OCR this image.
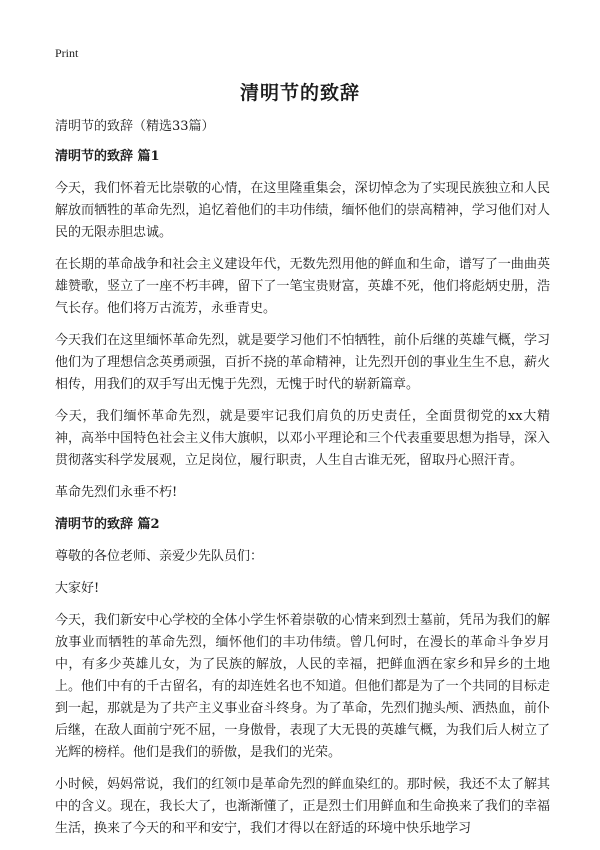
Print
清明节的致辞

清明节的致辞（精选33篇）

清明节的致辞 篇1

今天，我们怀着无比崇敬的心情，在这里隆重集会，深切悼念为了实现民族独立和人民解放而牺牲的革命先烈，追忆着他们的丰功伟绩，缅怀他们的崇高精神，学习他们对人民的无限赤胆忠诚。

在长期的革命战争和社会主义建设年代，无数先烈用他的鲜血和生命，谱写了一曲曲英雄赞歌，竖立了一座不朽丰碑，留下了一笔宝贵财富，英雄不死，他们将彪炳史册，浩气长存。他们将万古流芳，永垂青史。

今天我们在这里缅怀革命先烈，就是要学习他们不怕牺牲，前仆后继的英雄气概，学习他们为了理想信念英勇顽强，百折不挠的革命精神，让先烈开创的事业生生不息，薪火相传，用我们的双手写出无愧于先烈，无愧于时代的崭新篇章。

今天，我们缅怀革命先烈，就是要牢记我们肩负的历史责任，全面贯彻党的xx大精神，高举中国特色社会主义伟大旗帜，以邓小平理论和三个代表重要思想为指导，深入贯彻落实科学发展观，立足岗位，履行职责，人生自古谁无死，留取丹心照汗青。

革命先烈们永垂不朽!

清明节的致辞 篇2

尊敬的各位老师、亲爱少先队员们：

大家好!

今天，我们新安中心学校的全体小学生怀着崇敬的心情来到烈士墓前，凭吊为我们的解放事业而牺牲的革命先烈，缅怀他们的丰功伟绩。曾几何时，在漫长的革命斗争岁月中，有多少英雄儿女，为了民族的解放，人民的幸福，把鲜血洒在家乡和异乡的土地上。他们中有的千古留名，有的却连姓名也不知道。但他们都是为了一个共同的目标走到一起，那就是为了共产主义事业奋斗终身。为了革命，先烈们抛头颅、洒热血，前仆后继，在敌人面前宁死不屈，一身傲骨，表现了大无畏的英雄气概，为我们后人树立了光辉的榜样。他们是我们的骄傲，是我们的光荣。

小时候，妈妈常说，我们的红领巾是革命先烈的鲜血染红的。那时候，我还不太了解其中的含义。现在，我长大了，也渐渐懂了，正是烈士们用鲜血和生命换来了我们的幸福生活，换来了今天的和平和安宁，我们才得以在舒适的环境中快乐地学习
